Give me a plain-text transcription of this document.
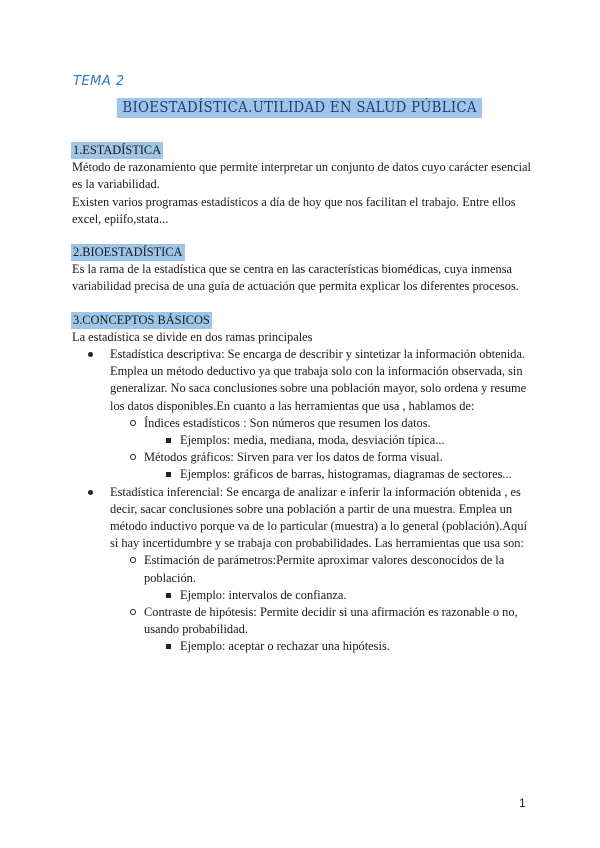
TEMA 2
BIOESTADÍSTICA.UTILIDAD EN SALUD PÚBLICA
1.ESTADÍSTICA

Método de razonamiento que permite interpretar un conjunto de datos cuyo carácter esencial es la variabilidad.

Existen varios programas estadísticos a día de hoy que nos facilitan el trabajo. Entre ellos excel, epiifo,stata...

2.BIOESTADÍSTICA

Es la rama de la estadística que se centra en las características biomédicas, cuya inmensa variabilidad precisa de una guía de actuación que permita explicar los diferentes procesos.

3.CONCEPTOS BÁSICOS

La estadística se divide en dos ramas principales

Estadística descriptiva: Se encarga de describir y sintetizar la información obtenida. Emplea un método deductivo ya que trabaja solo con la información observada, sin generalizar. No saca conclusiones sobre una población mayor, solo ordena y resume los datos disponibles.En cuanto a las herramientas que usa , hablamos de:
Índices estadísticos : Son números que resumen los datos.
Ejemplos: media, mediana, moda, desviación típica...
Métodos gráficos: Sirven para ver los datos de forma visual.
Ejemplos: gráficos de barras, histogramas, diagramas de sectores...
Estadística inferencial: Se encarga de analizar e inferir la información obtenida , es decir, sacar conclusiones sobre una población a partir de una muestra. Emplea un método inductivo porque va de lo particular (muestra) a lo general (población).Aquí si hay incertidumbre y se trabaja con probabilidades. Las herramientas que usa son:
Estimación de parámetros:Permite aproximar valores desconocidos de la población.
Ejemplo: intervalos de confianza.
Contraste de hipótesis: Permite decidir si una afirmación es razonable o no, usando probabilidad.
Ejemplo: aceptar o rechazar una hipótesis.
1
